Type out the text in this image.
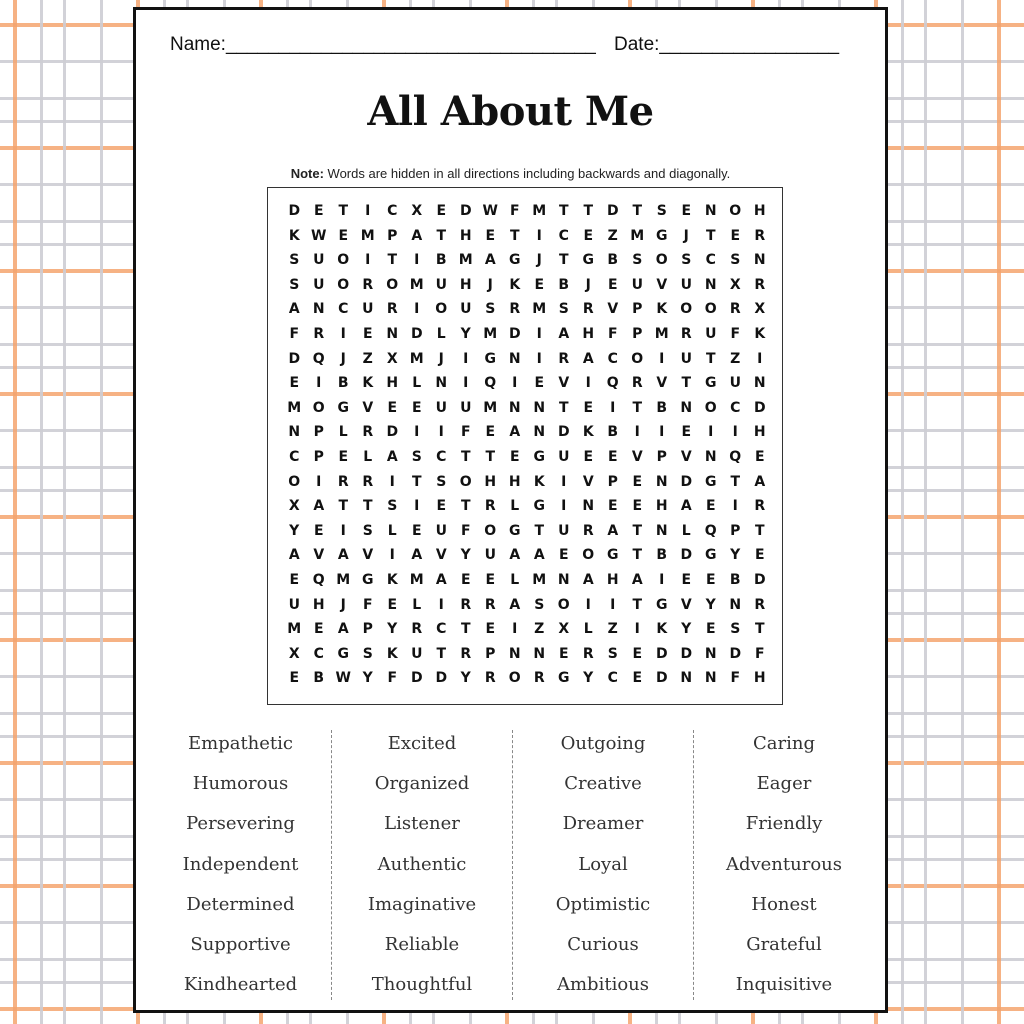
Name:___________________________________ Date:_________________
All About Me
Note: Words are hidden in all directions including backwards and diagonally.
D E	T	I	C X	E D W F M T	T D T	S	E N O H
K W E M P A	T H E	T	I	C	E	Z M G	J	T	E	R
S U O	I	T	I	B M A G	J	T G B	S O S	C	S N
S U O R O M U H	J	K	E	B	J	E	U V U N X R
A N C U R	I	O U S	R M S	R V P K O O R X
F	R	I	E N D	L	Y M D	I	A H F	P M R U	F	K
D Q	J	Z	X M	J	I	G N	I	R A C O	I	U	T	Z	I
E	I	B K H	L	N	I	Q	I	E	V	I	Q R V	T G U N
M O G V	E	E	U U M N N T	E	I	T	B N O C D
N P	L	R D	I	I	F	E	A N D K B	I	I	E	I	I	H
C	P	E	L	A	S	C	T	T	E G U	E	E	V P V N Q E
O	I	R R	I	T	S O H H K	I	V P	E N D G T	A
X A	T	T	S	I	E	T	R	L	G	I	N E	E H A	E	I	R
Y	E	I	S	L	E	U	F O G T	U R A	T N	L	Q P	T
A V A V	I	A V	Y U A A	E O G T	B D G Y	E
E Q M G K M A	E	E	L M N A H A	I	E	E	B D
U H	J	F	E	L	I	R R A	S O	I	I	T G V	Y N R
M E	A P	Y	R C	T	E	I	Z	X	L	Z	I	K	Y	E	S	T
X C G S	K U	T	R P N N E	R	S	E D D N D F
E	B W Y	F D D Y	R O R G Y	C	E D N N F H
Empathetic
Humorous
Persevering
Independent
Determined
Supportive
Kindhearted
Excited
Organized
Listener
Authentic
Imaginative
Reliable
Thoughtful
Outgoing
Creative
Dreamer
Loyal
Optimistic
Curious
Ambitious
Caring
Eager
Friendly
Adventurous
Honest
Grateful
Inquisitive
